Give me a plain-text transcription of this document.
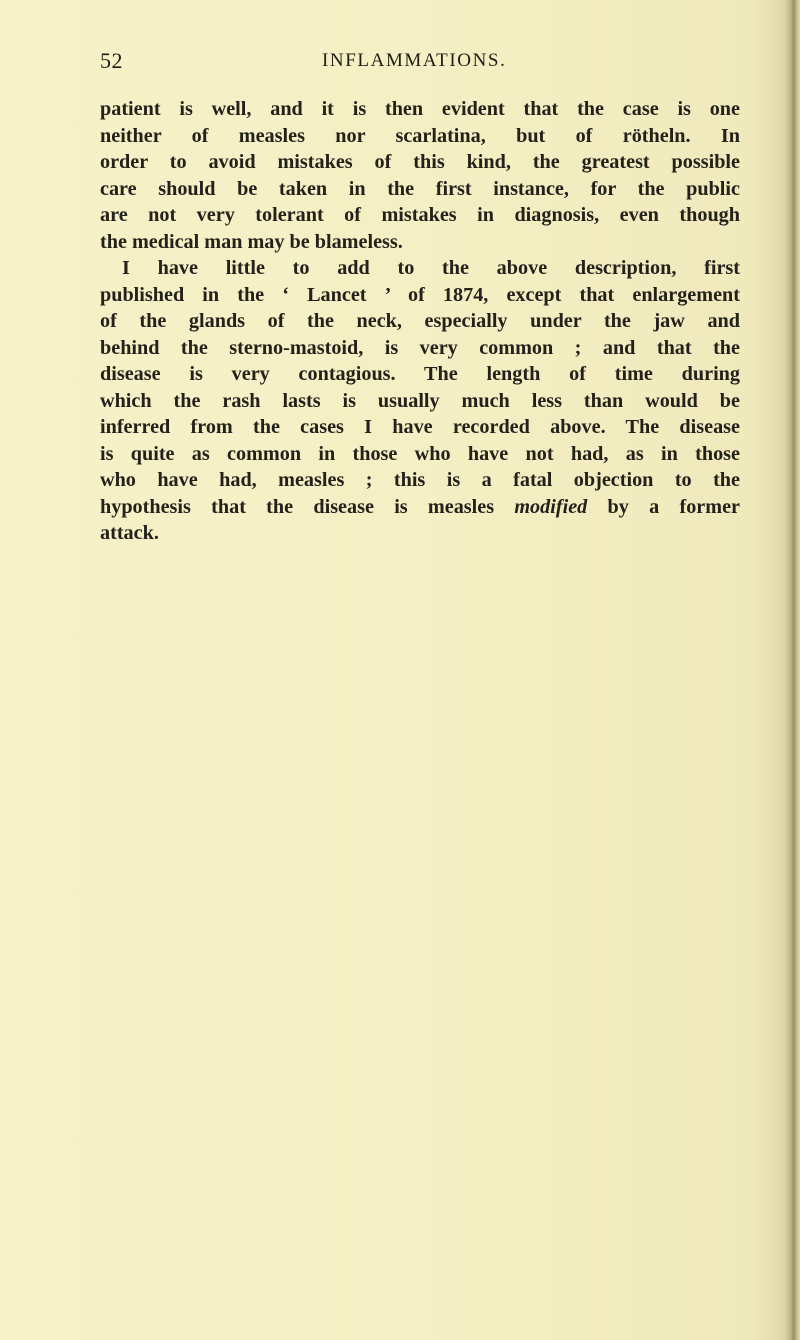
52	INFLAMMATIONS.
patient is well, and it is then evident that the case is one
neither of measles nor scarlatina, but of rötheln. In
order to avoid mistakes of this kind, the greatest possible
care should be taken in the first instance, for the public
are not very tolerant of mistakes in diagnosis, even though
the medical man may be blameless.
I have little to add to the above description, first
published in the ‘ Lancet ’ of 1874, except that enlargement
of the glands of the neck, especially under the jaw and
behind the sterno-mastoid, is very common ; and that the
disease is very contagious. The length of time during
which the rash lasts is usually much less than would be
inferred from the cases I have recorded above. The disease
is quite as common in those who have not had, as in those
who have had, measles ; this is a fatal objection to the
hypothesis that the disease is measles modified by a former
attack.
